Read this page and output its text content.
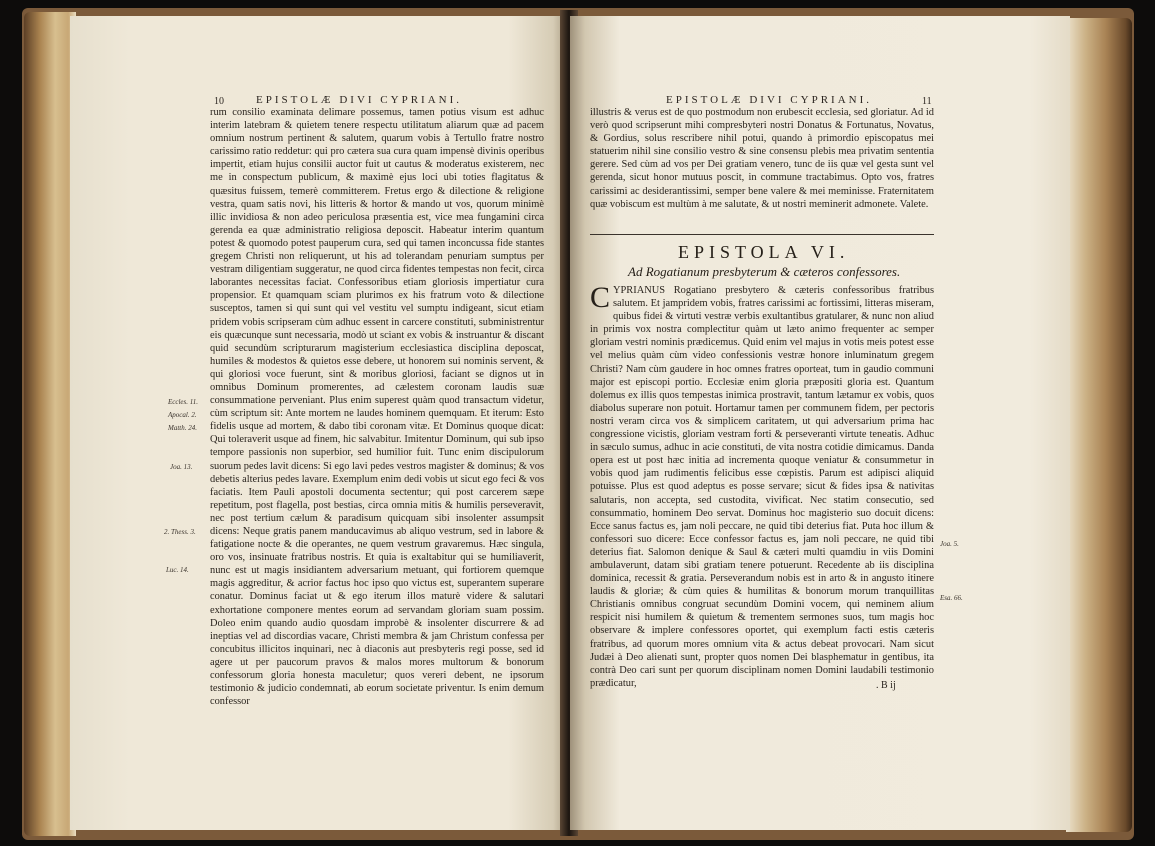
10	EPISTOLÆ DIVI CYPRIANI.

rum consilio examinata delimare possemus, tamen potius visum est adhuc interim latebram & quietem tenere respectu utilitatum aliarum quæ ad pacem omnium nostrum pertinent & salutem, quarum vobis à Tertullo fratre nostro carissimo ratio reddetur: qui pro cætera sua cura quam impensè divinis operibus impertit, etiam hujus consilii auctor fuit ut cautus & moderatus existerem, nec me in conspectum publicum, & maximè ejus loci ubi toties flagitatus & quæsitus fuissem, temerè committerem. Fretus ergo & dilectione & religione vestra, quam satis novi, his litteris & hortor & mando ut vos, quorum minimè illic invidiosa & non adeo periculosa præsentia est, vice mea fungamini circa gerenda ea quæ administratio religiosa deposcit. Habeatur interim quantum potest & quomodo potest pauperum cura, sed qui tamen inconcussa fide stantes gregem Christi non reliquerunt, ut his ad tolerandam penuriam sumptus per vestram diligentiam suggeratur, ne quod circa fidentes tempestas non fecit, circa laborantes necessitas faciat. Confessoribus etiam gloriosis impertiatur cura propensior. Et quamquam sciam plurimos ex his fratrum voto & dilectione susceptos, tamen si qui sunt qui vel vestitu vel sumptu indigeant, sicut etiam pridem vobis scripseram cùm adhuc essent in carcere constituti, subministrentur eis quæcunque sunt necessaria, modò ut sciant ex vobis & instruantur & discant quid secundùm scripturarum magisterium ecclesiastica disciplina deposcat, humiles & modestos & quietos esse debere, ut honorem sui nominis servent, & qui gloriosi voce fuerunt, sint & moribus gloriosi, faciant se dignos ut in omnibus Dominum promerentes, ad cælestem coronam laudis suæ consummatione perveniant. Plus enim superest quàm quod transactum videtur, cùm scriptum sit: Ante mortem ne laudes hominem quemquam. Et iterum: Esto fidelis usque ad mortem, & dabo tibi coronam vitæ. Et Dominus quoque dicat: Qui toleraverit usque ad finem, hic salvabitur. Imitentur Dominum, qui sub ipso tempore passionis non superbior, sed humilior fuit. Tunc enim discipulorum suorum pedes lavit dicens: Si ego lavi pedes vestros magister & dominus; & vos debetis alterius pedes lavare. Exemplum enim dedi vobis ut sicut ego feci & vos faciatis. Item Pauli apostoli documenta sectentur; qui post carcerem sæpe repetitum, post flagella, post bestias, circa omnia mitis & humilis perseveravit, nec post tertium cælum & paradisum quicquam sibi insolenter assumpsit dicens: Neque gratis panem manducavimus ab aliquo vestrum, sed in labore & fatigatione nocte & die operantes, ne quem vestrum gravaremus. Hæc singula, oro vos, insinuate fratribus nostris. Et quia is exaltabitur qui se humiliaverit, nunc est ut magis insidiantem adversarium metuant, qui fortiorem quemque magis aggreditur, & acrior factus hoc ipso quo victus est, superantem superare conatur. Dominus faciat ut & ego iterum illos maturè videre & salutari exhortatione componere mentes eorum ad servandam gloriam suam possim. Doleo enim quando audio quosdam improbè & insolenter discurrere & ad ineptias vel ad discordias vacare, Christi membra & jam Christum confessa per concubitus illicitos inquinari, nec à diaconis aut presbyteris regi posse, sed id agere ut per paucorum pravos & malos mores multorum & bonorum confessorum gloria honesta maculetur; quos vereri debent, ne ipsorum testimonio & judicio condemnati, ab eorum societate priventur. Is enim demum confessor

Eccles. 11.
Apocal. 2.
Matth. 24.
Joa. 13.
2. Thess. 3.
Luc. 14.
EPISTOLÆ DIVI CYPRIANI.	11

illustris & verus est de quo postmodum non erubescit ecclesia, sed gloriatur. Ad id verò quod scripserunt mihi compresbyteri nostri Donatus & Fortunatus, Novatus, & Gordius, solus rescribere nihil potui, quando à primordio episcopatus mei statuerim nihil sine consilio vestro & sine consensu plebis mea privatim sententia gerere. Sed cùm ad vos per Dei gratiam venero, tunc de iis quæ vel gesta sunt vel gerenda, sicut honor mutuus poscit, in commune tractabimus. Opto vos, fratres carissimi ac desiderantissimi, semper bene valere & mei meminisse. Fraternitatem quæ vobiscum est multùm à me salutate, & ut nostri meminerit admonete. Valete.

EPISTOLA VI.
Ad Rogatianum presbyterum & cæteros confessores.

CYPRIANUS Rogatiano presbytero & cæteris confessoribus fratribus salutem. Et jampridem vobis, fratres carissimi ac fortissimi, litteras miseram, quibus fidei & virtuti vestræ verbis exultantibus gratularer, & nunc non aliud in primis vox nostra complectitur quàm ut læto animo frequenter ac semper gloriam vestri nominis prædicemus. Quid enim vel majus in votis meis potest esse vel melius quàm cùm video confessionis vestræ honore inluminatum gregem Christi? Nam cùm gaudere in hoc omnes fratres oporteat, tum in gaudio communi major est episcopi portio. Ecclesiæ enim gloria præpositi gloria est. Quantum dolemus ex illis quos tempestas inimica prostravit, tantum lætamur ex vobis, quos diabolus superare non potuit. Hortamur tamen per communem fidem, per pectoris nostri veram circa vos & simplicem caritatem, ut qui adversarium prima hac congressione vicistis, gloriam vestram forti & perseveranti virtute teneatis. Adhuc in sæculo sumus, adhuc in acie constituti, de vita nostra cotidie dimicamus. Danda opera est ut post hæc initia ad incrementa quoque veniatur & consummetur in vobis quod jam rudimentis felicibus esse cœpistis. Parum est adipisci aliquid potuisse. Plus est quod adeptus es posse servare; sicut & fides ipsa & nativitas salutaris, non accepta, sed custodita, vivificat. Nec statim consecutio, sed consummatio, hominem Deo servat. Dominus hoc magisterio suo docuit dicens: Ecce sanus factus es, jam noli peccare, ne quid tibi deterius fiat. Puta hoc illum & confessori suo dicere: Ecce confessor factus es, jam noli peccare, ne quid tibi deterius fiat. Salomon denique & Saul & cæteri multi quamdiu in viis Domini ambulaverunt, datam sibi gratiam tenere potuerunt. Recedente ab iis disciplina dominica, recessit & gratia. Perseverandum nobis est in arto & in angusto itinere laudis & gloriæ; & cùm quies & humilitas & bonorum morum tranquillitas Christianis omnibus congruat secundùm Domini vocem, qui neminem alium respicit nisi humilem & quietum & trementem sermones suos, tum magis hoc observare & implere confessores oportet, qui exemplum facti estis cæteris fratribus, ad quorum mores omnium vita & actus debeat provocari. Nam sicut Judæi à Deo alienati sunt, propter quos nomen Dei blasphematur in gentibus, ita contrà Deo cari sunt per quorum disciplinam nomen Domini laudabili testimonio prædicatur,	. B ij
Joa. 5.
Esa. 66.
